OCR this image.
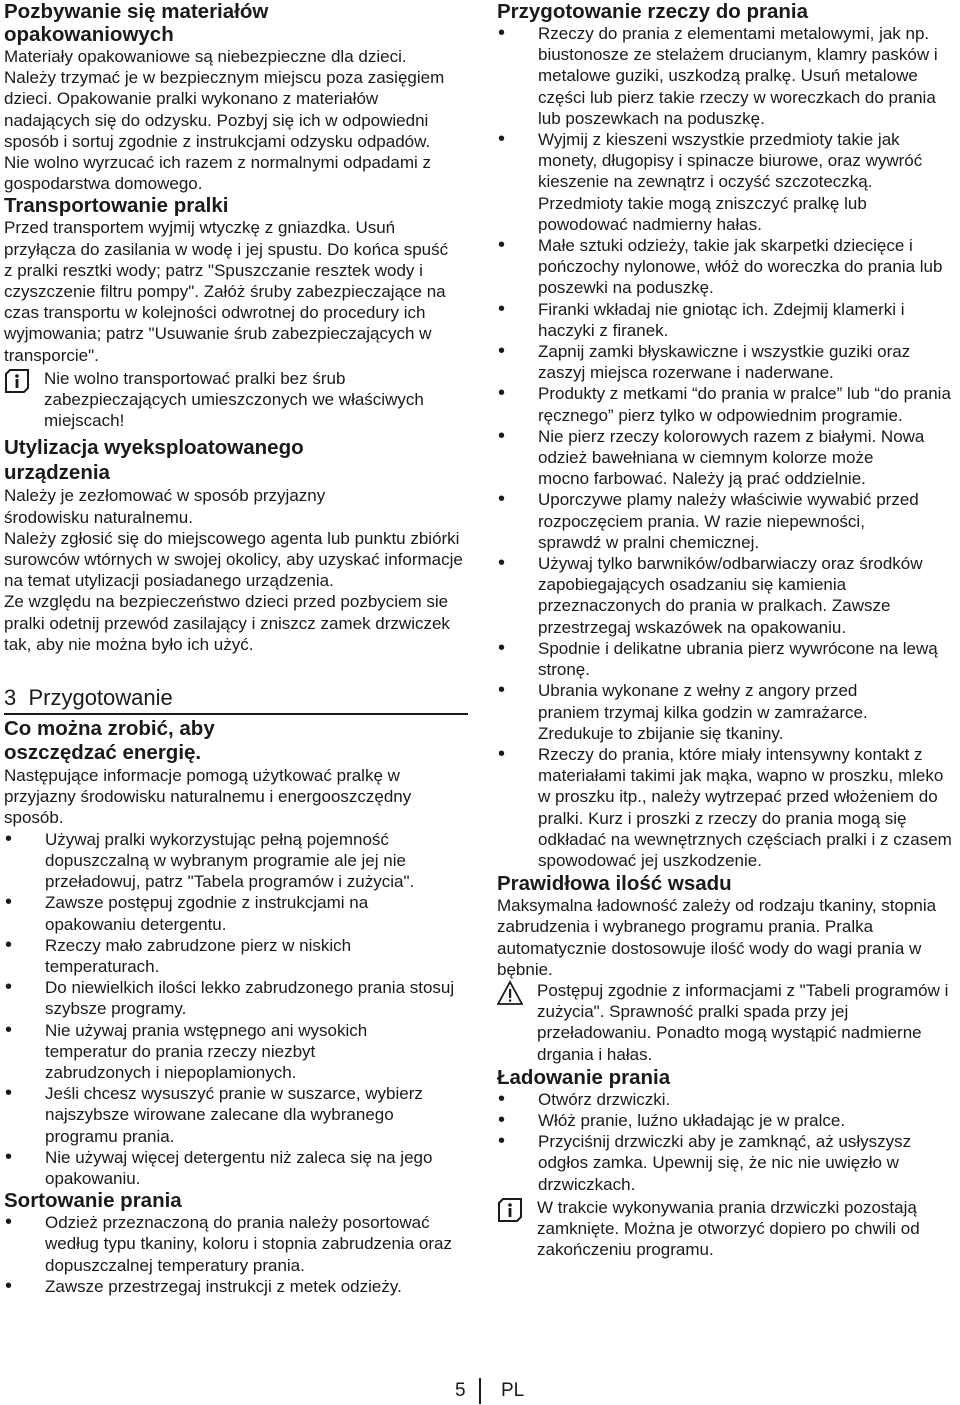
Pozbywanie się materiałów opakowaniowych

Materiały opakowaniowe są niebezpieczne dla dzieci. Należy trzymać je w bezpiecznym miejscu poza zasięgiem dzieci. Opakowanie pralki wykonano z materiałów nadających się do odzysku. Pozbyj się ich w odpowiedni sposób i sortuj zgodnie z instrukcjami odzysku odpadów. Nie wolno wyrzucać ich razem z normalnymi odpadami z gospodarstwa domowego.

Transportowanie pralki

Przed transportem wyjmij wtyczkę z gniazdka. Usuń przyłącza do zasilania w wodę i jej spustu. Do końca spuść z pralki resztki wody; patrz "Spuszczanie resztek wody i czyszczenie filtru pompy". Załóż śruby zabezpieczające na czas transportu w kolejności odwrotnej do procedury ich wyjmowania; patrz "Usuwanie śrub zabezpieczających w transporcie".

Nie wolno transportować pralki bez śrub zabezpieczających umieszczonych we właściwych miejscach!
Utylizacja wyeksploatowanego urządzenia

Należy je zezłomować w sposób przyjazny środowisku naturalnemu.

Należy zgłosić się do miejscowego agenta lub punktu zbiórki surowców wtórnych w swojej okolicy, aby uzyskać informacje na temat utylizacji posiadanego urządzenia.

Ze względu na bezpieczeństwo dzieci przed pozbyciem sie pralki odetnij przewód zasilający i zniszcz zamek drzwiczek tak, aby nie można było ich użyć.

3  Przygotowanie
Co można zrobić, aby oszczędzać energię.

Następujące informacje pomogą użytkować pralkę w przyjazny środowisku naturalnemu i energooszczędny sposób.

• Używaj pralki wykorzystując pełną pojemność dopuszczalną w wybranym programie ale jej nie przeładowuj, patrz "Tabela programów i zużycia".
• Zawsze postępuj zgodnie z instrukcjami na opakowaniu detergentu.
• Rzeczy mało zabrudzone pierz w niskich temperaturach.
• Do niewielkich ilości lekko zabrudzonego prania stosuj szybsze programy.
• Nie używaj prania wstępnego ani wysokich temperatur do prania rzeczy niezbyt zabrudzonych i niepoplamionych.
• Jeśli chcesz wysuszyć pranie w suszarce, wybierz najszybsze wirowane zalecane dla wybranego programu prania.
• Nie używaj więcej detergentu niż zaleca się na jego opakowaniu.
Sortowanie prania
• Odzież przeznaczoną do prania należy posortować według typu tkaniny, koloru i stopnia zabrudzenia oraz dopuszczalnej temperatury prania.
• Zawsze przestrzegaj instrukcji z metek odzieży.
Przygotowanie rzeczy do prania
• Rzeczy do prania z elementami metalowymi, jak np. biustonosze ze stelażem drucianym, klamry pasków i metalowe guziki, uszkodzą pralkę. Usuń metalowe części lub pierz takie rzeczy w woreczkach do prania lub poszewkach na poduszkę.
• Wyjmij z kieszeni wszystkie przedmioty takie jak monety, długopisy i spinacze biurowe, oraz wywróć kieszenie na zewnątrz i oczyść szczoteczką. Przedmioty takie mogą zniszczyć pralkę lub powodować nadmierny hałas.
• Małe sztuki odzieży, takie jak skarpetki dziecięce i pończochy nylonowe, włóż do woreczka do prania lub poszewki na poduszkę.
• Firanki wkładaj nie gniotąc ich. Zdejmij klamerki i haczyki z firanek.
• Zapnij zamki błyskawiczne i wszystkie guziki oraz zaszyj miejsca rozerwane i naderwane.
• Produkty z metkami “do prania w pralce” lub “do prania ręcznego” pierz tylko w odpowiednim programie.
• Nie pierz rzeczy kolorowych razem z białymi. Nowa odzież bawełniana w ciemnym kolorze może mocno farbować. Należy ją prać oddzielnie.
• Uporczywe plamy należy właściwie wywabić przed rozpoczęciem prania. W razie niepewności, sprawdź w pralni chemicznej.
• Używaj tylko barwników/odbarwiaczy oraz środków zapobiegających osadzaniu się kamienia przeznaczonych do prania w pralkach. Zawsze przestrzegaj wskazówek na opakowaniu.
• Spodnie i delikatne ubrania pierz wywrócone na lewą stronę.
• Ubrania wykonane z wełny z angory przed praniem trzymaj kilka godzin w zamrażarce. Zredukuje to zbijanie się tkaniny.
• Rzeczy do prania, które miały intensywny kontakt z materiałami takimi jak mąka, wapno w proszku, mleko w proszku itp., należy wytrzepać przed włożeniem do pralki. Kurz i proszki z rzeczy do prania mogą się odkładać na wewnętrznych częściach pralki i z czasem spowodować jej uszkodzenie.
Prawidłowa ilość wsadu

Maksymalna ładowność zależy od rodzaju tkaniny, stopnia zabrudzenia i wybranego programu prania. Pralka automatycznie dostosowuje ilość wody do wagi prania w bębnie.

Postępuj zgodnie z informacjami z "Tabeli programów i zużycia". Sprawność pralki spada przy jej przeładowaniu. Ponadto mogą wystąpić nadmierne drgania i hałas.
Ładowanie prania
• Otwórz drzwiczki.
• Włóż pranie, luźno układając je w pralce.
• Przyciśnij drzwiczki aby je zamknąć, aż usłyszysz odgłos zamka. Upewnij się, że nic nie uwięzło w drzwiczkach.
W trakcie wykonywania prania drzwiczki pozostają zamknięte. Można je otworzyć dopiero po chwili od zakończeniu programu.
5 PL
